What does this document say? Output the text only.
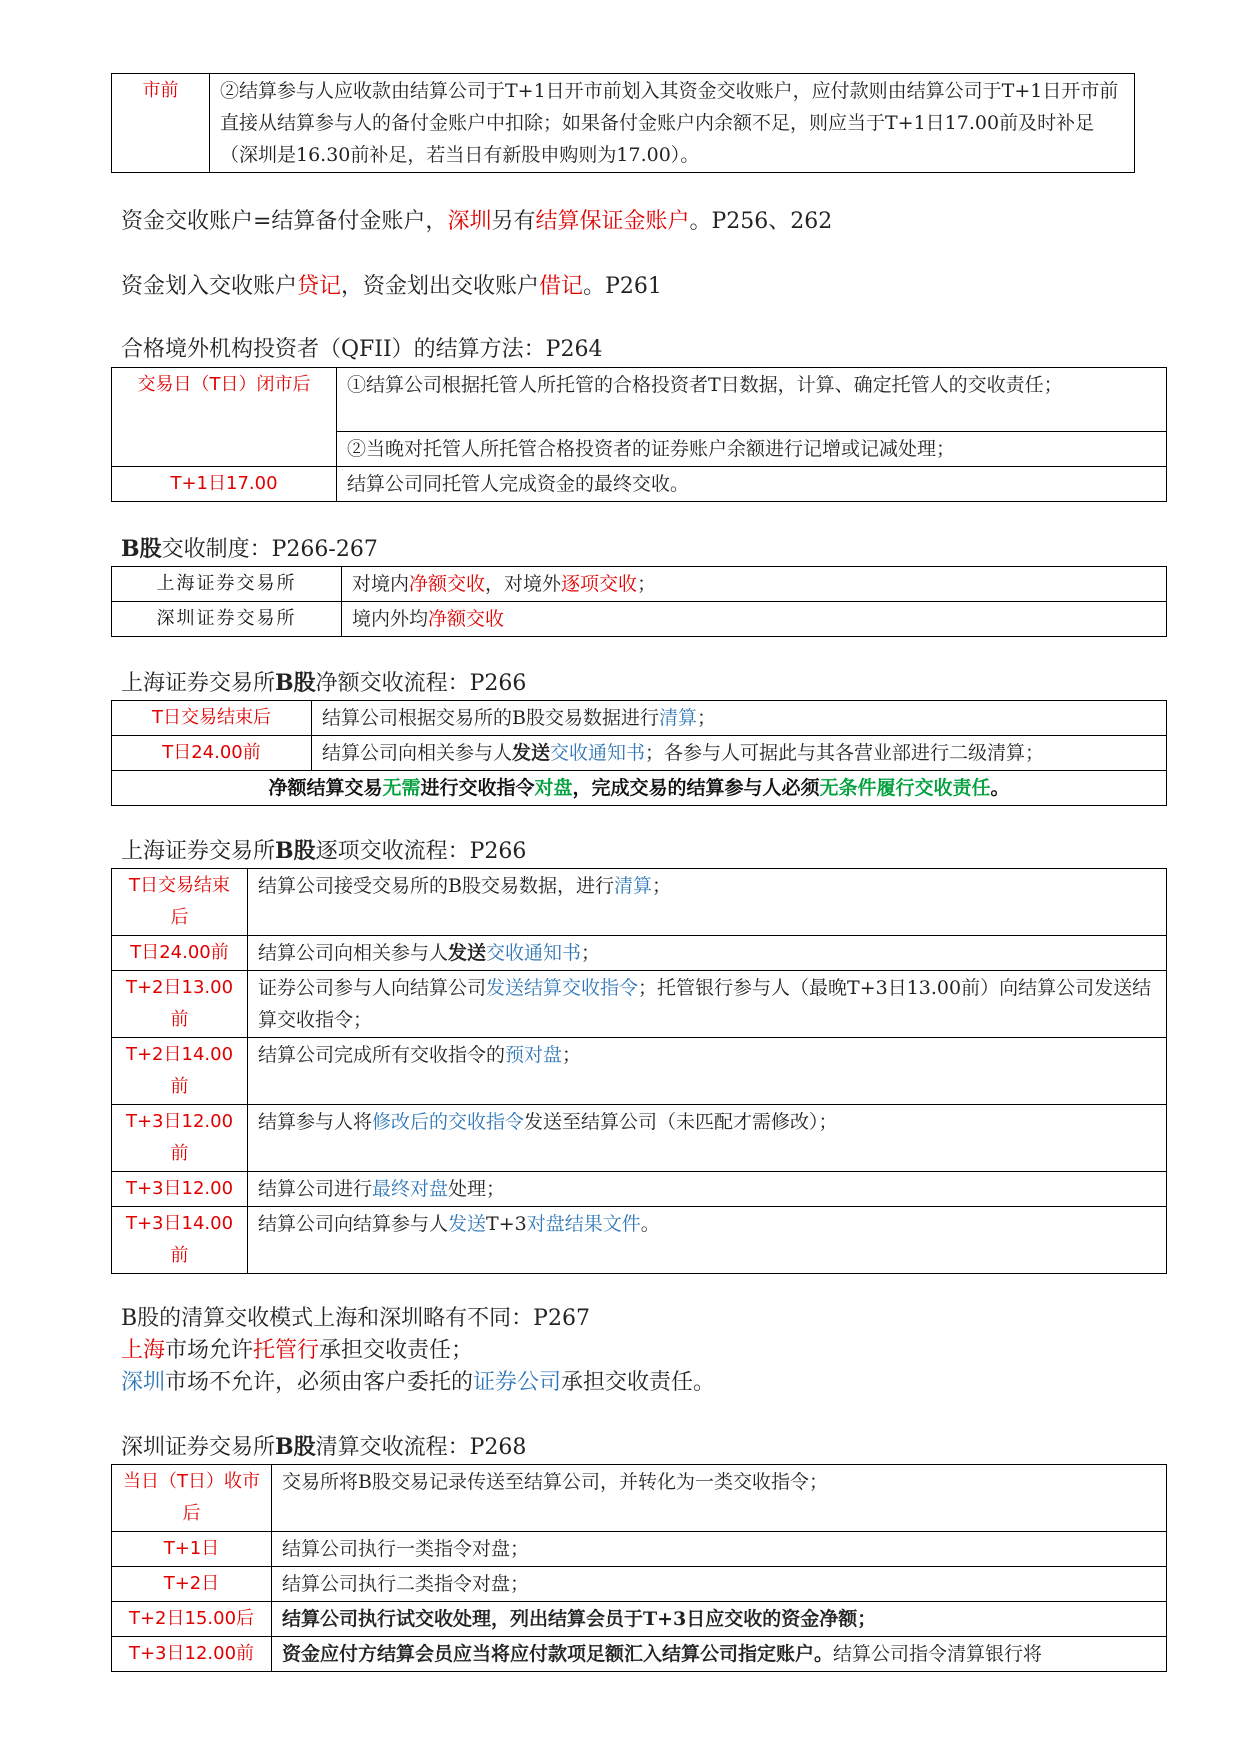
市前	②结算参与人应收款由结算公司于T+1日开市前划入其资金交收账户，应付款则由结算公司于T+1日开市前直接从结算参与人的备付金账户中扣除；如果备付金账户内余额不足，则应当于T+1日17.00前及时补足（深圳是16.30前补足，若当日有新股申购则为17.00）。
资金交收账户=结算备付金账户，深圳另有结算保证金账户。P256、262
资金划入交收账户贷记，资金划出交收账户借记。P261
合格境外机构投资者（QFII）的结算方法：P264
交易日（T日）闭市后	①结算公司根据托管人所托管的合格投资者T日数据，计算、确定托管人的交收责任；
	②当晚对托管人所托管合格投资者的证券账户余额进行记增或记减处理；
T+1日17.00	结算公司同托管人完成资金的最终交收。
B股交收制度：P266-267
上海证券交易所	对境内净额交收，对境外逐项交收；
深圳证券交易所	境内外均净额交收
上海证券交易所B股净额交收流程：P266
T日交易结束后	结算公司根据交易所的B股交易数据进行清算；
T日24.00前	结算公司向相关参与人发送交收通知书；各参与人可据此与其各营业部进行二级清算；
净额结算交易无需进行交收指令对盘，完成交易的结算参与人必须无条件履行交收责任。	
上海证券交易所B股逐项交收流程：P266
T日交易结束后	结算公司接受交易所的B股交易数据，进行清算；
T日24.00前	结算公司向相关参与人发送交收通知书；
T+2日13.00前	证券公司参与人向结算公司发送结算交收指令；托管银行参与人（最晚T+3日13.00前）向结算公司发送结算交收指令；
T+2日14.00前	结算公司完成所有交收指令的预对盘；
T+3日12.00前	结算参与人将修改后的交收指令发送至结算公司（未匹配才需修改）；
T+3日12.00	结算公司进行最终对盘处理；
T+3日14.00前	结算公司向结算参与人发送T+3对盘结果文件。
B股的清算交收模式上海和深圳略有不同：P267
上海市场允许托管行承担交收责任；
深圳市场不允许，必须由客户委托的证券公司承担交收责任。
深圳证券交易所B股清算交收流程：P268
当日（T日）收市后	交易所将B股交易记录传送至结算公司，并转化为一类交收指令；
T+1日	结算公司执行一类指令对盘；
T+2日	结算公司执行二类指令对盘；
T+2日15.00后	结算公司执行试交收处理，列出结算会员于T+3日应交收的资金净额；
T+3日12.00前	资金应付方结算会员应当将应付款项足额汇入结算公司指定账户。结算公司指令清算银行将
